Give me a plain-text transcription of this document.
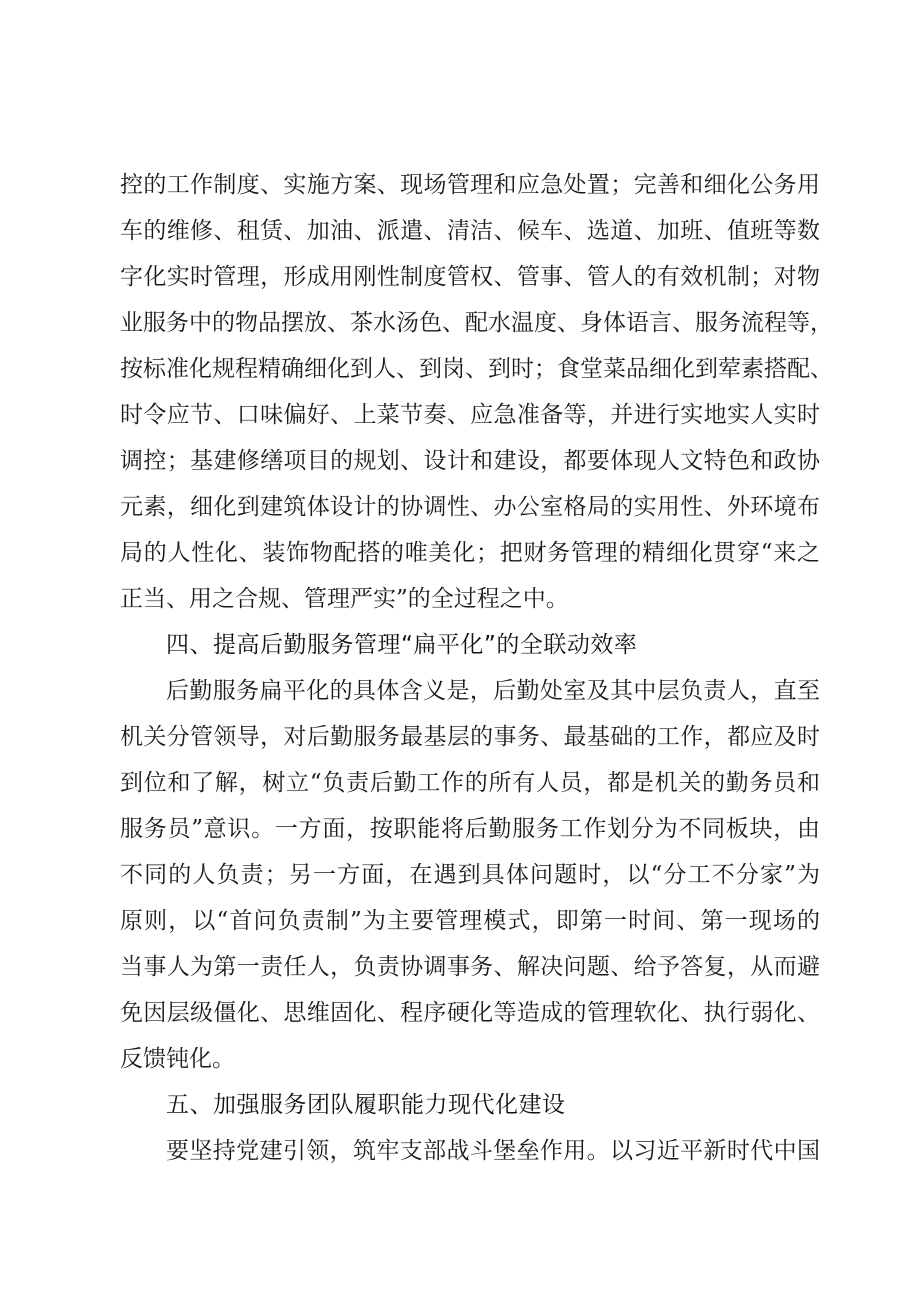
控的工作制度、实施方案、现场管理和应急处置；完善和细化公务用
车的维修、租赁、加油、派遣、清洁、候车、选道、加班、值班等数
字化实时管理，形成用刚性制度管权、管事、管人的有效机制；对物
业服务中的物品摆放、茶水汤色、配水温度、身体语言、服务流程等，
按标准化规程精确细化到人、到岗、到时；食堂菜品细化到荤素搭配、
时令应节、口味偏好、上菜节奏、应急准备等，并进行实地实人实时
调控；基建修缮项目的规划、设计和建设，都要体现人文特色和政协
元素，细化到建筑体设计的协调性、办公室格局的实用性、外环境布
局的人性化、装饰物配搭的唯美化；把财务管理的精细化贯穿“来之
正当、用之合规、管理严实”的全过程之中。
四、提高后勤服务管理“扁平化”的全联动效率
后勤服务扁平化的具体含义是，后勤处室及其中层负责人，直至
机关分管领导，对后勤服务最基层的事务、最基础的工作，都应及时
到位和了解，树立“负责后勤工作的所有人员，都是机关的勤务员和
服务员”意识。一方面，按职能将后勤服务工作划分为不同板块，由
不同的人负责；另一方面，在遇到具体问题时，以“分工不分家”为
原则，以“首问负责制”为主要管理模式，即第一时间、第一现场的
当事人为第一责任人，负责协调事务、解决问题、给予答复，从而避
免因层级僵化、思维固化、程序硬化等造成的管理软化、执行弱化、
反馈钝化。
五、加强服务团队履职能力现代化建设
要坚持党建引领，筑牢支部战斗堡垒作用。以习近平新时代中国
